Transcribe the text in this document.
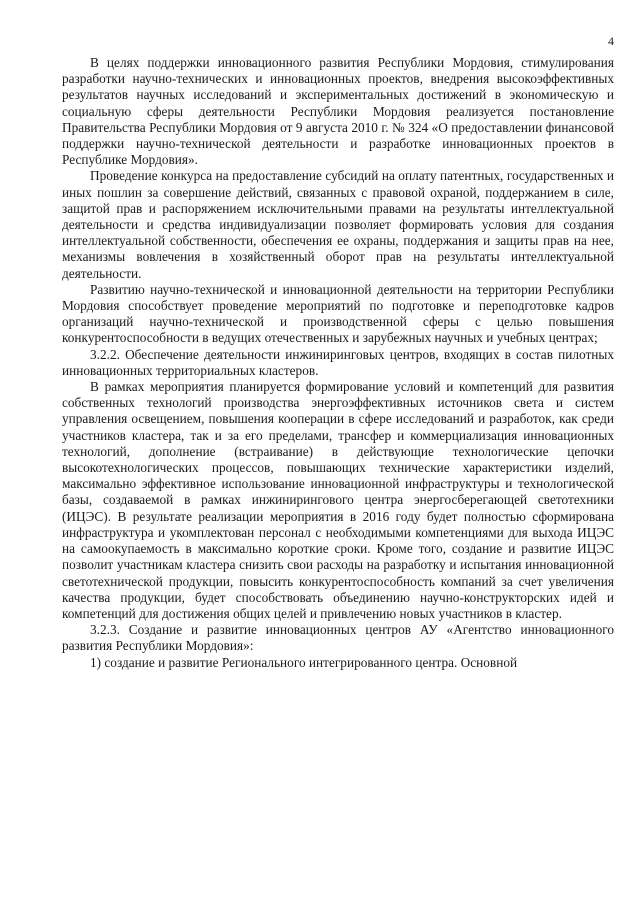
4

В целях поддержки инновационного развития Республики Мордовия, стимулирования разработки научно-технических и инновационных проектов, внедрения высокоэффективных результатов научных исследований и экспериментальных достижений в экономическую и социальную сферы деятельности Республики Мордовия реализуется постановление Правительства Республики Мордовия от 9 августа 2010 г. № 324 «О предоставлении финансовой поддержки научно-технической деятельности и разработке инновационных проектов в Республике Мордовия».

Проведение конкурса на предоставление субсидий на оплату патентных, государственных и иных пошлин за совершение действий, связанных с правовой охраной, поддержанием в силе, защитой прав и распоряжением исключительными правами на результаты интеллектуальной деятельности и средства индивидуализации позволяет формировать условия для создания интеллектуальной собственности, обеспечения ее охраны, поддержания и защиты прав на нее, механизмы вовлечения в хозяйственный оборот прав на результаты интеллектуальной деятельности.

Развитию научно-технической и инновационной деятельности на территории Республики Мордовия способствует проведение мероприятий по подготовке и переподготовке кадров организаций научно-технической и производственной сферы с целью повышения конкурентоспособности в ведущих отечественных и зарубежных научных и учебных центрах;

3.2.2. Обеспечение деятельности инжиниринговых центров, входящих в состав пилотных инновационных территориальных кластеров.

В рамках мероприятия планируется формирование условий и компетенций для развития собственных технологий производства энергоэффективных источников света и систем управления освещением, повышения кооперации в сфере исследований и разработок, как среди участников кластера, так и за его пределами, трансфер и коммерциализация инновационных технологий, дополнение (встраивание) в действующие технологические цепочки высокотехнологических процессов, повышающих технические характеристики изделий, максимально эффективное использование инновационной инфраструктуры и технологической базы, создаваемой в рамках инжинирингового центра энергосберегающей светотехники (ИЦЭС). В результате реализации мероприятия в 2016 году будет полностью сформирована инфраструктура и укомплектован персонал с необходимыми компетенциями для выхода ИЦЭС на самоокупаемость в максимально короткие сроки. Кроме того, создание и развитие ИЦЭС позволит участникам кластера снизить свои расходы на разработку и испытания инновационной светотехнической продукции, повысить конкурентоспособность компаний за счет увеличения качества продукции, будет способствовать объединению научно-конструкторских идей и компетенций для достижения общих целей и привлечению новых участников в кластер.

3.2.3. Создание и развитие инновационных центров АУ «Агентство инновационного развития Республики Мордовия»:

1) создание и развитие Регионального интегрированного центра. Основной
